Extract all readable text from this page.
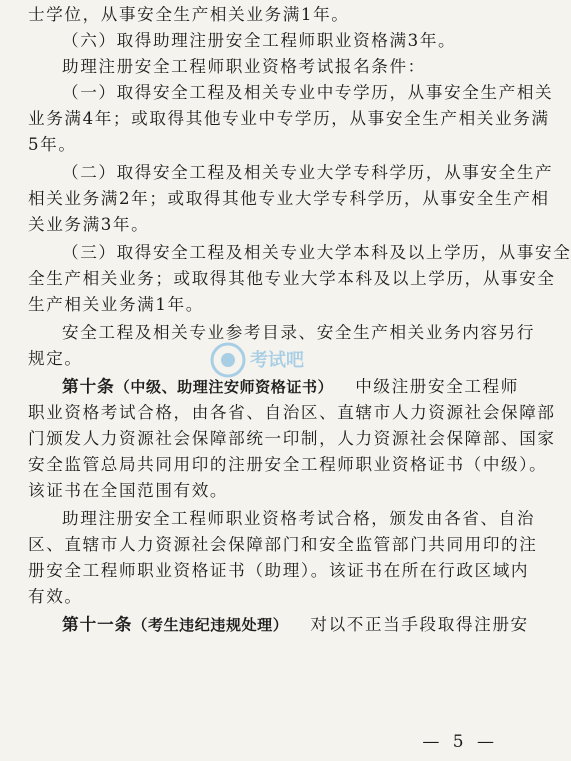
士学位，从事安全生产相关业务满1年。
（六）取得助理注册安全工程师职业资格满3年。
助理注册安全工程师职业资格考试报名条件：
（一）取得安全工程及相关专业中专学历，从事安全生产相关
业务满4年；或取得其他专业中专学历，从事安全生产相关业务满
5年。
（二）取得安全工程及相关专业大学专科学历，从事安全生产
相关业务满2年；或取得其他专业大学专科学历，从事安全生产相
关业务满3年。
（三）取得安全工程及相关专业大学本科及以上学历，从事安全
全生产相关业务；或取得其他专业大学本科及以上学历，从事安全
生产相关业务满1年。
安全工程及相关专业参考目录、安全生产相关业务内容另行
规定。
第十条（中级、助理注安师资格证书） 中级注册安全工程师
职业资格考试合格，由各省、自治区、直辖市人力资源社会保障部
门颁发人力资源社会保障部统一印制，人力资源社会保障部、国家
安全监管总局共同用印的注册安全工程师职业资格证书（中级）。
该证书在全国范围有效。
助理注册安全工程师职业资格考试合格，颁发由各省、自治
区、直辖市人力资源社会保障部门和安全监管部门共同用印的注
册安全工程师职业资格证书（助理）。该证书在所在行政区域内
有效。
第十一条（考生违纪违规处理） 对以不正当手段取得注册安
考试吧
— 5 —
